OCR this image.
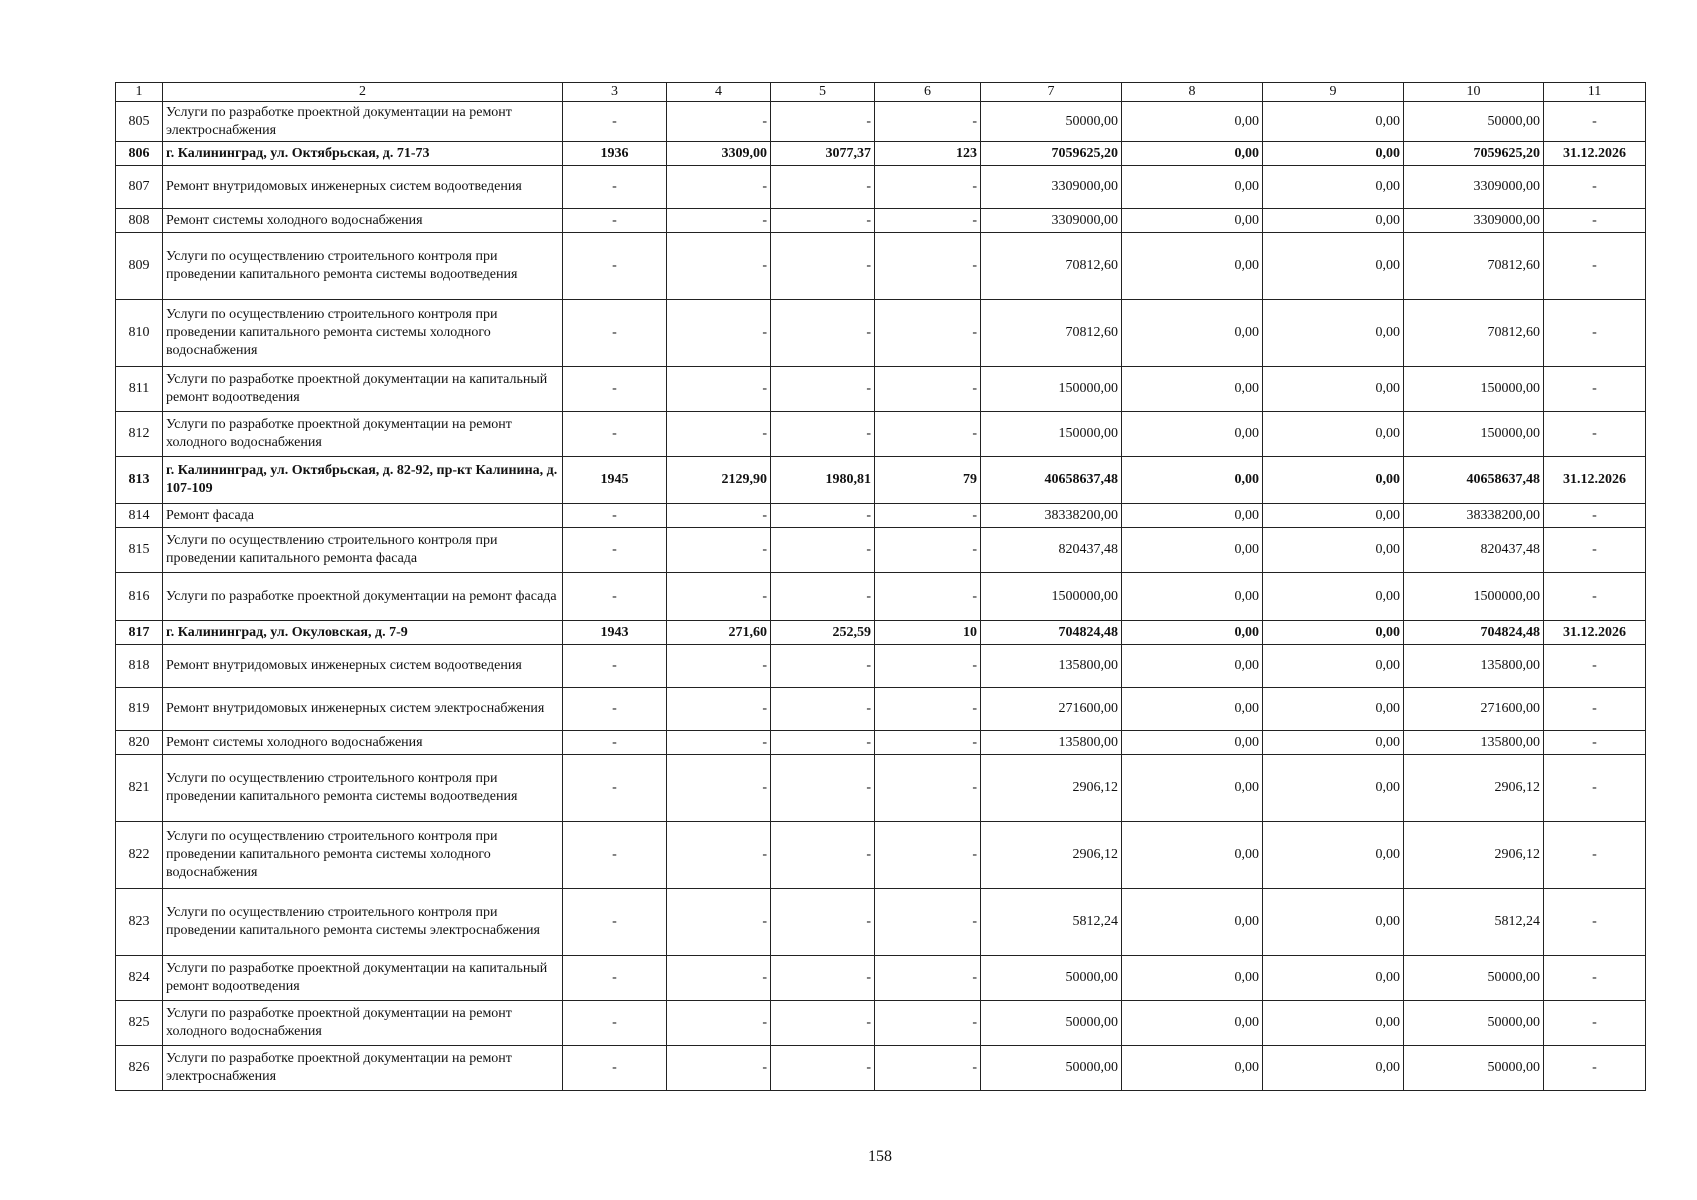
1	2	3	4	5	6	7	8	9	10	11
805	Услуги по разработке проектной документации на ремонт электроснабжения	-	-	-	-	50000,00	0,00	0,00	50000,00	-
806	г. Калининград, ул. Октябрьская, д. 71-73	1936	3309,00	3077,37	123	7059625,20	0,00	0,00	7059625,20	31.12.2026
807	Ремонт внутридомовых инженерных систем водоотведения	-	-	-	-	3309000,00	0,00	0,00	3309000,00	-
808	Ремонт системы холодного водоснабжения	-	-	-	-	3309000,00	0,00	0,00	3309000,00	-
809	Услуги по осуществлению строительного контроля при проведении капитального ремонта системы водоотведения	-	-	-	-	70812,60	0,00	0,00	70812,60	-
810	Услуги по осуществлению строительного контроля при проведении капитального ремонта системы холодного водоснабжения	-	-	-	-	70812,60	0,00	0,00	70812,60	-
811	Услуги по разработке проектной документации на капитальный ремонт водоотведения	-	-	-	-	150000,00	0,00	0,00	150000,00	-
812	Услуги по разработке проектной документации на ремонт холодного водоснабжения	-	-	-	-	150000,00	0,00	0,00	150000,00	-
813	г. Калининград, ул. Октябрьская, д. 82-92, пр-кт Калинина, д. 107-109	1945	2129,90	1980,81	79	40658637,48	0,00	0,00	40658637,48	31.12.2026
814	Ремонт фасада	-	-	-	-	38338200,00	0,00	0,00	38338200,00	-
815	Услуги по осуществлению строительного контроля при проведении капитального ремонта фасада	-	-	-	-	820437,48	0,00	0,00	820437,48	-
816	Услуги по разработке проектной документации на ремонт фасада	-	-	-	-	1500000,00	0,00	0,00	1500000,00	-
817	г. Калининград, ул. Окуловская, д. 7-9	1943	271,60	252,59	10	704824,48	0,00	0,00	704824,48	31.12.2026
818	Ремонт внутридомовых инженерных систем водоотведения	-	-	-	-	135800,00	0,00	0,00	135800,00	-
819	Ремонт внутридомовых инженерных систем электроснабжения	-	-	-	-	271600,00	0,00	0,00	271600,00	-
820	Ремонт системы холодного водоснабжения	-	-	-	-	135800,00	0,00	0,00	135800,00	-
821	Услуги по осуществлению строительного контроля при проведении капитального ремонта системы водоотведения	-	-	-	-	2906,12	0,00	0,00	2906,12	-
822	Услуги по осуществлению строительного контроля при проведении капитального ремонта системы холодного водоснабжения	-	-	-	-	2906,12	0,00	0,00	2906,12	-
823	Услуги по осуществлению строительного контроля при проведении капитального ремонта системы электроснабжения	-	-	-	-	5812,24	0,00	0,00	5812,24	-
824	Услуги по разработке проектной документации на капитальный ремонт водоотведения	-	-	-	-	50000,00	0,00	0,00	50000,00	-
825	Услуги по разработке проектной документации на ремонт холодного водоснабжения	-	-	-	-	50000,00	0,00	0,00	50000,00	-
826	Услуги по разработке проектной документации на ремонт электроснабжения	-	-	-	-	50000,00	0,00	0,00	50000,00	-
158
